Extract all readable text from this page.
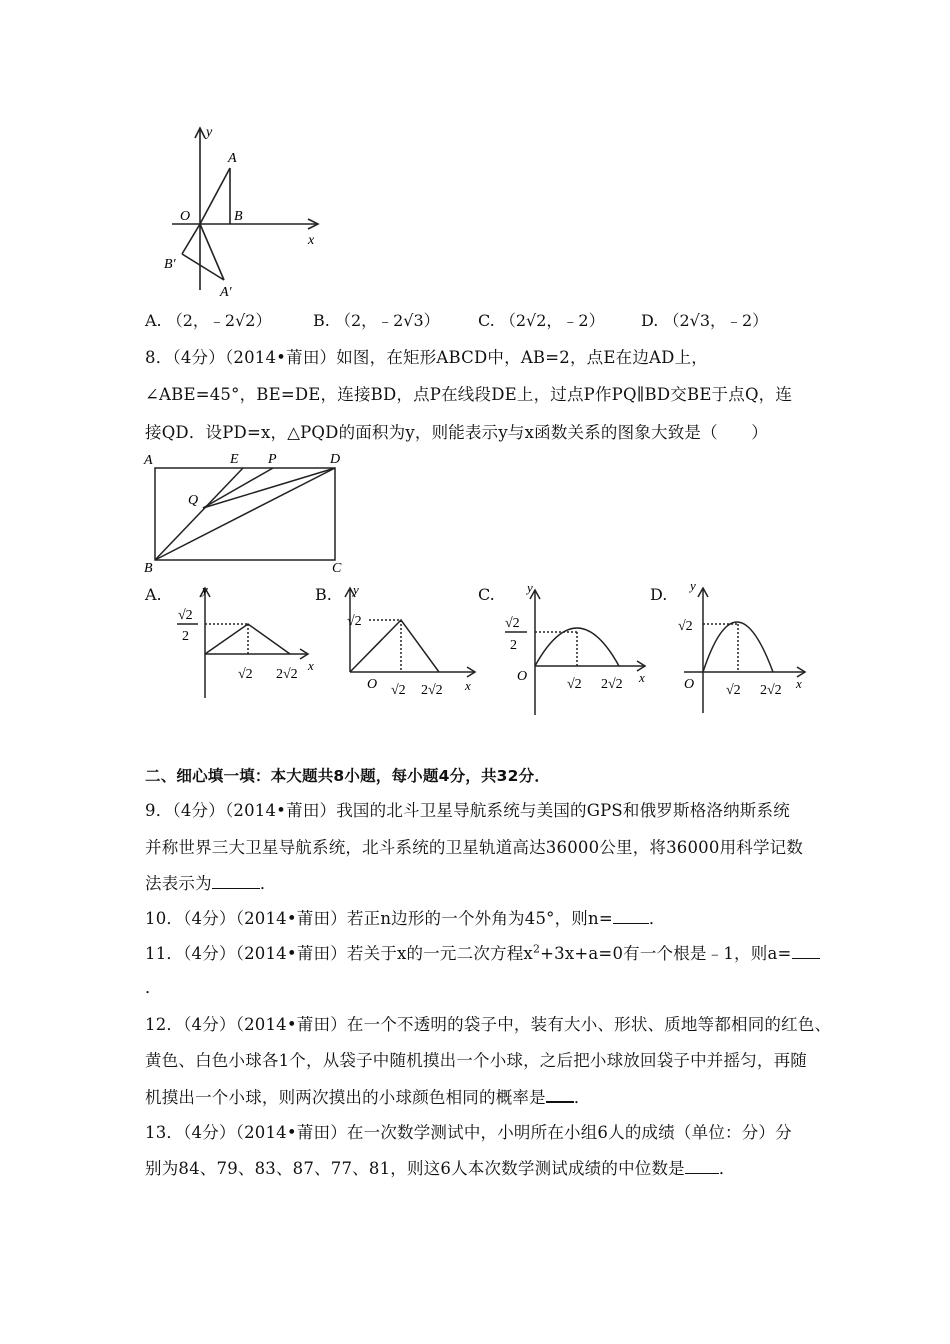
y
x
O
A
B
B′
A′
A. （2，﹣2√2）	B. （2，﹣2√3） C. （2√2，﹣2） D. （2√3，﹣2）
8．（4分）（2014•莆田）如图，在矩形ABCD中，AB=2，点E在边AD上，
∠ABE=45°，BE=DE，连接BD，点P在线段DE上，过点P作PQ∥BD交BE于点Q，连
接QD．设PD=x，△PQD的面积为y，则能表示y与x函数关系的图象大致是（　　）
A	E P	D
Q
B	C
A.	y
√2
2
√2 2√2
x
B. y
√2
O √2 2√2 x
C. y
√2
2
O
√2 2√2 x
D. y
√2
O √2 2√2 x
二、细心填一填：本大题共8小题，每小题4分，共32分．
9．（4分）（2014•莆田）我国的北斗卫星导航系统与美国的GPS和俄罗斯格洛纳斯系统
并称世界三大卫星导航系统，北斗系统的卫星轨道高达36000公里，将36000用科学记数
法表示为	．
10．（4分）（2014•莆田）若正n边形的一个外角为45°，则n= ．
11．（4分）（2014•莆田）若关于x的一元二次方程$x^2+3x+a=0$有一个根是﹣1，则a=
．
12．（4分）（2014•莆田）在一个不透明的袋子中，装有大小、形状、质地等都相同的红色、
黄色、白色小球各1个，从袋子中随机摸出一个小球，之后把小球放回袋子中并摇匀，再随
机摸出一个小球，则两次摸出的小球颜色相同的概率是 ．
13．（4分）（2014•莆田）在一次数学测试中，小明所在小组6人的成绩（单位：分）分
别为84、79、83、87、77、81，则这6人本次数学测试成绩的中位数是 ．
